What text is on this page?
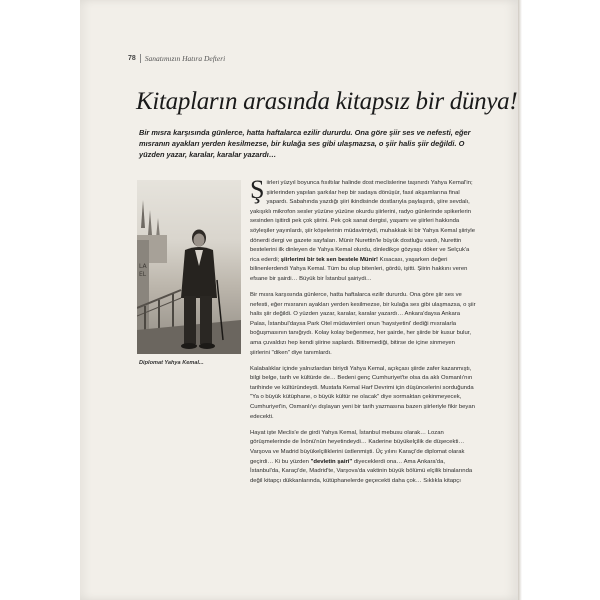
78 Sanatımızın Hatıra Defteri
Kitapların arasında kitapsız bir dünya!
Bir mısra karşısında günlerce, hatta haftalarca ezilir dururdu. Ona göre şiir ses ve nefesti, eğer mısranın ayakları yerden kesilmezse, bir kulağa ses gibi ulaşmazsa, o şiir halis şiir değildi. O yüzden yazar, karalar, karalar yazardı…
LA
EL
Diplomat Yahya Kemal...

Şiirleri yüzyıl boyunca fısıltılar halinde dost meclislerine taşınırdı Yahya Kemal'in; şiirlerinden yapılan şarkılar hep bir sadaya dönüşür, fasıl akşamlarına final yapardı. Sabahında yazdığı şiiri ikindisinde dostlarıyla paylaşırdı, şiire sevdalı, yakışıklı mikrofon sesler yüzüne yüzüne okurdu şiirlerini, radyo günlerinde spikerlerin sesinden işitirdi pek çok şiirini. Pek çok sanat dergisi, yaşamı ve şiirleri hakkında söyleşiler yayınlardı, şiir köşelerinin müdavimiydi, muhakkak ki bir Yahya Kemal şiiriyle dönerdi dergi ve gazete sayfaları. Münir Nurettin'le büyük dostluğu vardı, Nurettin bestelerini ilk dinleyen de Yahya Kemal olurdu, dinledikçe gözyaşı döker ve Selçuk'a rica ederdi; şiirlerimi bir tek sen bestele Münir! Kısacası, yaşarken değeri bilinenlerdendi Yahya Kemal. Tüm bu olup bitenleri, gördü, işitti. Şiirin hakkını veren efsane bir şairdi… Büyük bir İstanbul şairiydi…

Bir mısra karşısında günlerce, hatta haftalarca ezilir dururdu. Ona göre şiir ses ve nefesti, eğer mısranın ayakları yerden kesilmezse, bir kulağa ses gibi ulaşmazsa, o şiir halis şiir değildi. O yüzden yazar, karalar, karalar yazardı… Ankara'daysa Ankara Palas, İstanbul'daysa Park Otel müdavimleri onun 'haysiyetini' dediği mısralarla boğuşmasının tanığıydı. Kolay kolay beğenmez, her şairde, her şiirde bir kusur bulur, ama çuvaldızı hep kendi şiirine saplardı. Bitiremediği, bitirse de içine sinmeyen şiirlerini "diken" diye tanımlardı.

Kalabalıklar içinde yalnızlardan biriydi Yahya Kemal, açıkçası şiirde zafer kazanmıştı, bilgi belge, tarih ve kültürde de… Bedeni genç Cumhuriyet'te olsa da aklı Osmanlı'nın tarihinde ve kültüründeydi. Mustafa Kemal Harf Devrimi için düşüncelerini sorduğunda "Ya o büyük kütüphane, o büyük kültür ne olacak" diye sormaktan çekinmeyecek, Cumhuriyet'in, Osmanlı'yı dışlayan yeni bir tarih yazmasına bazen şiirleriyle fikir beyan edecekti.

Hayat işte Meclis'e de girdi Yahya Kemal, İstanbul mebusu olarak… Lozan görüşmelerinde de İnönü'nün heyetindeydi… Kaderine büyükelçilik de düşecekti… Varşova ve Madrid büyükelçiliklerini üstlenmişti. Üç yılını Karaçi'de diplomat olarak geçirdi… Ki bu yüzden "devletin şairi" diyeceklerdi ona… Ama Ankara'da, İstanbul'da, Karaçi'de, Madrid'te, Varşova'da vaktinin büyük bölümü elçilik binalarında değil kitapçı dükkanlarında, kütüphanelerde geçecekti daha çok… Sıklıkla kitapçı
